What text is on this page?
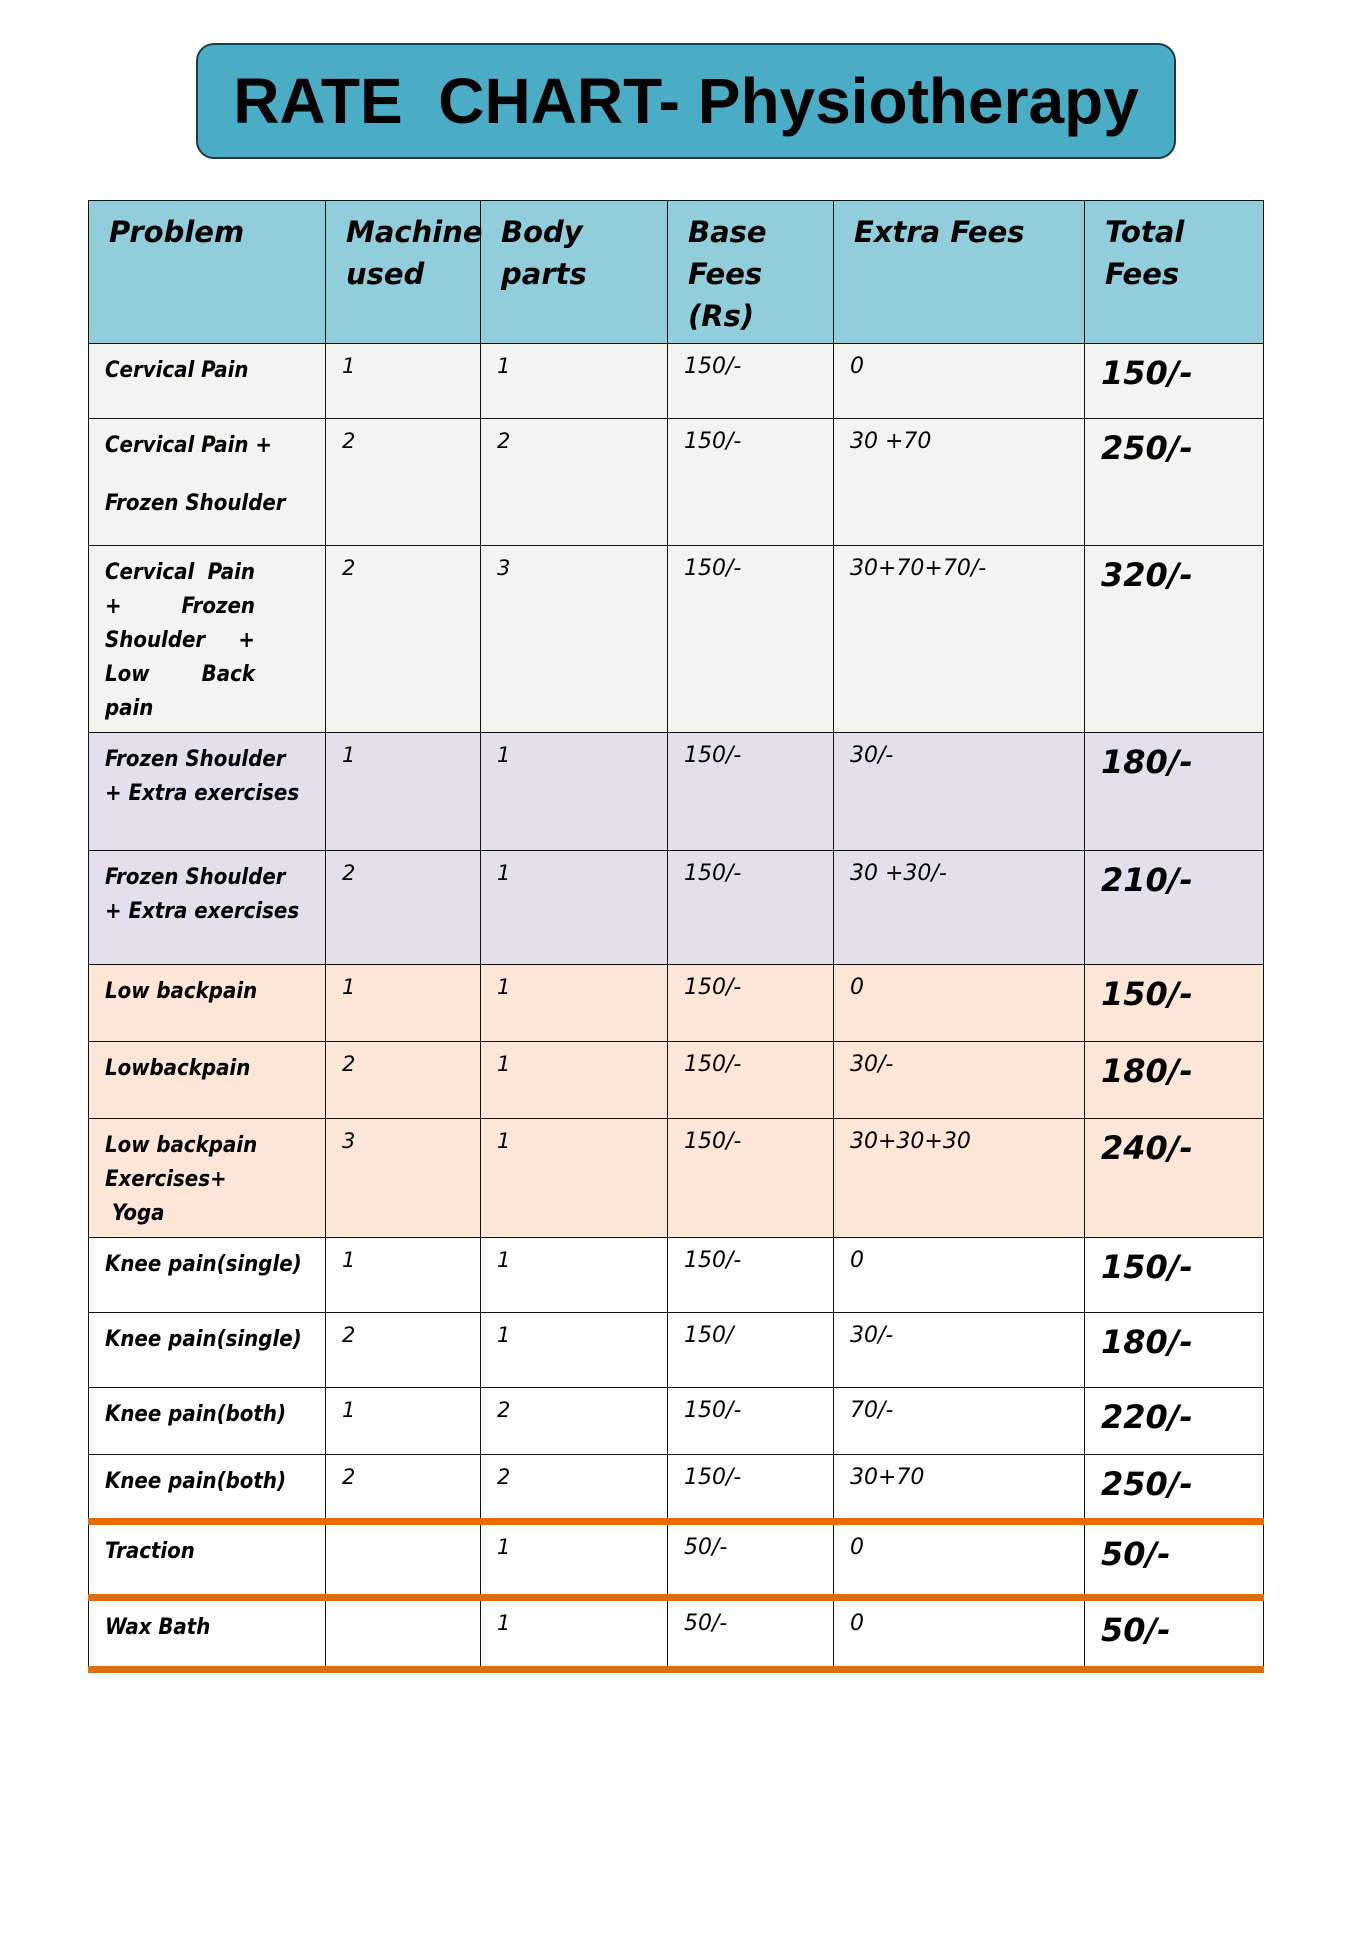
RATE  CHART- Physiotherapy
Problem	Machine used	Body parts	Base Fees (Rs)	Extra Fees	Total Fees

Cervical Pain	1	1	150/-	0	150/-

Cervical Pain +
Frozen Shoulder	2	2	150/-	30 +70	250/-

Cervical Pain + Frozen Shoulder + Low Back pain	2	3	150/-	30+70+70/-	320/-

Frozen Shoulder
+ Extra exercises	1	1	150/-	30/-	180/-

Frozen Shoulder
+ Extra exercises	2	1	150/-	30 +30/-	210/-

Low backpain	1	1	150/-	0	150/-

Lowbackpain	2	1	150/-	30/-	180/-

Low backpain
Exercises+
Yoga	3	1	150/-	30+30+30	240/-

Knee pain(single)	1	1	150/-	0	150/-

Knee pain(single)	2	1	150/	30/-	180/-

Knee pain(both)	1	2	150/-	70/-	220/-

Knee pain(both)	2	2	150/-	30+70	250/-

Traction		1	50/-	0	50/-

Wax Bath		1	50/-	0	50/-
